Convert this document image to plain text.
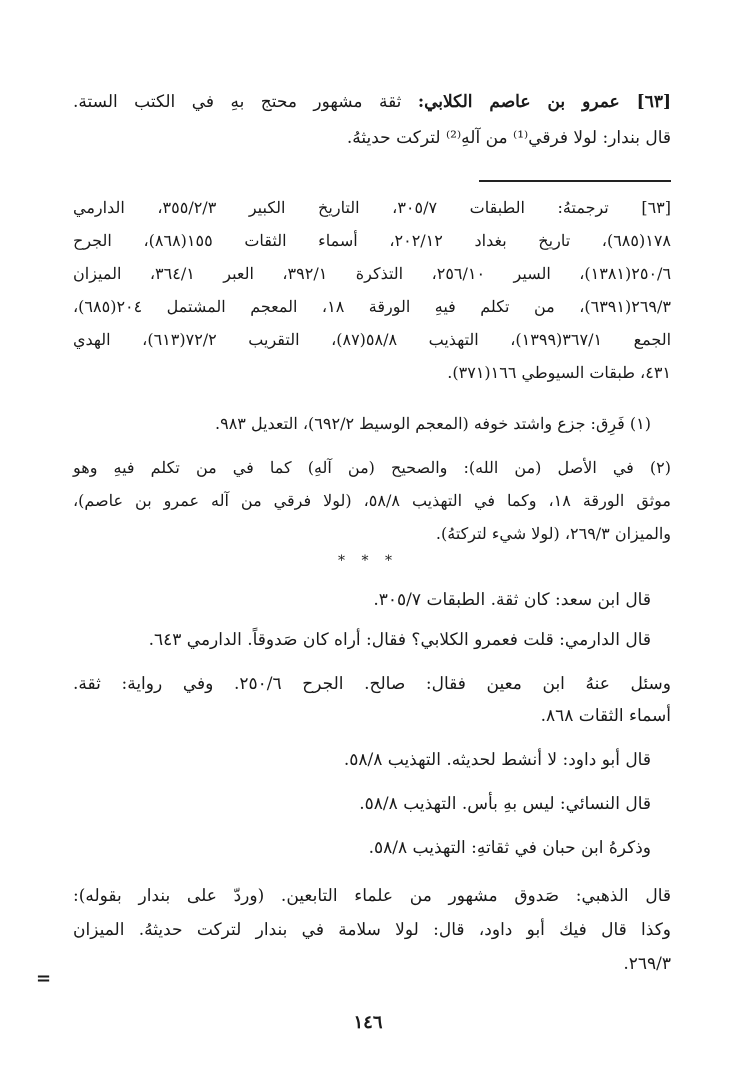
[٦٣] عمرو بن عاصم الكلابي: ثقة مشهور محتج بهِ في الكتب الستة.
قال بندار: لولا فرقي⁽¹⁾ من آلهِ⁽²⁾ لتركت حديثهُ.
[٦٣] ترجمتهُ: الطبقات ٣٠٥/٧، التاريخ الكبير ٣٥٥/٢/٣، الدارمي
١٧٨(٦٨٥)، تاريخ بغداد ٢٠٢/١٢، أسماء الثقات ١٥٥(٨٦٨)، الجرح
٢٥٠/٦(١٣٨١)، السير ٢٥٦/١٠، التذكرة ٣٩٢/١، العبر ٣٦٤/١، الميزان
٢٦٩/٣(٦٣٩١)، من تكلم فيهِ الورقة ١٨، المعجم المشتمل ٢٠٤(٦٨٥)،
الجمع ٣٦٧/١(١٣٩٩)، التهذيب ٥٨/٨(٨٧)، التقريب ٧٢/٢(٦١٣)، الهدي
٤٣١، طبقات السيوطي ١٦٦(٣٧١).
(١) فَرِق: جزع واشتد خوفه (المعجم الوسيط ٦٩٢/٢)، التعديل ٩٨٣.
(٢) في الأصل (من الله): والصحيح (من آلهِ) كما في من تكلم فيهِ وهو
موثق الورقة ١٨، وكما في التهذيب ٥٨/٨، (لولا فرقي من آله عمرو بن عاصم)،
والميزان ٢٦٩/٣، (لولا شيء لتركتهُ).
* * *
قال ابن سعد: كان ثقة. الطبقات ٣٠٥/٧.
قال الدارمي: قلت فعمرو الكلابي؟ فقال: أراه كان صَدوقاً. الدارمي ٦٤٣.
وسئل عنهُ ابن معين فقال: صالح. الجرح ٢٥٠/٦. وفي رواية: ثقة.
أسماء الثقات ٨٦٨.
قال أبو داود: لا أنشط لحديثه. التهذيب ٥٨/٨.
قال النسائي: ليس بهِ بأس. التهذيب ٥٨/٨.
وذكرهُ ابن حبان في ثقاتهِ: التهذيب ٥٨/٨.
قال الذهبي: صَدوق مشهور من علماء التابعين. (وردّ على بندار بقوله):
وكذا قال فيك أبو داود، قال: لولا سلامة في بندار لتركت حديثهُ. الميزان
٢٦٩/٣.
=
١٤٦
